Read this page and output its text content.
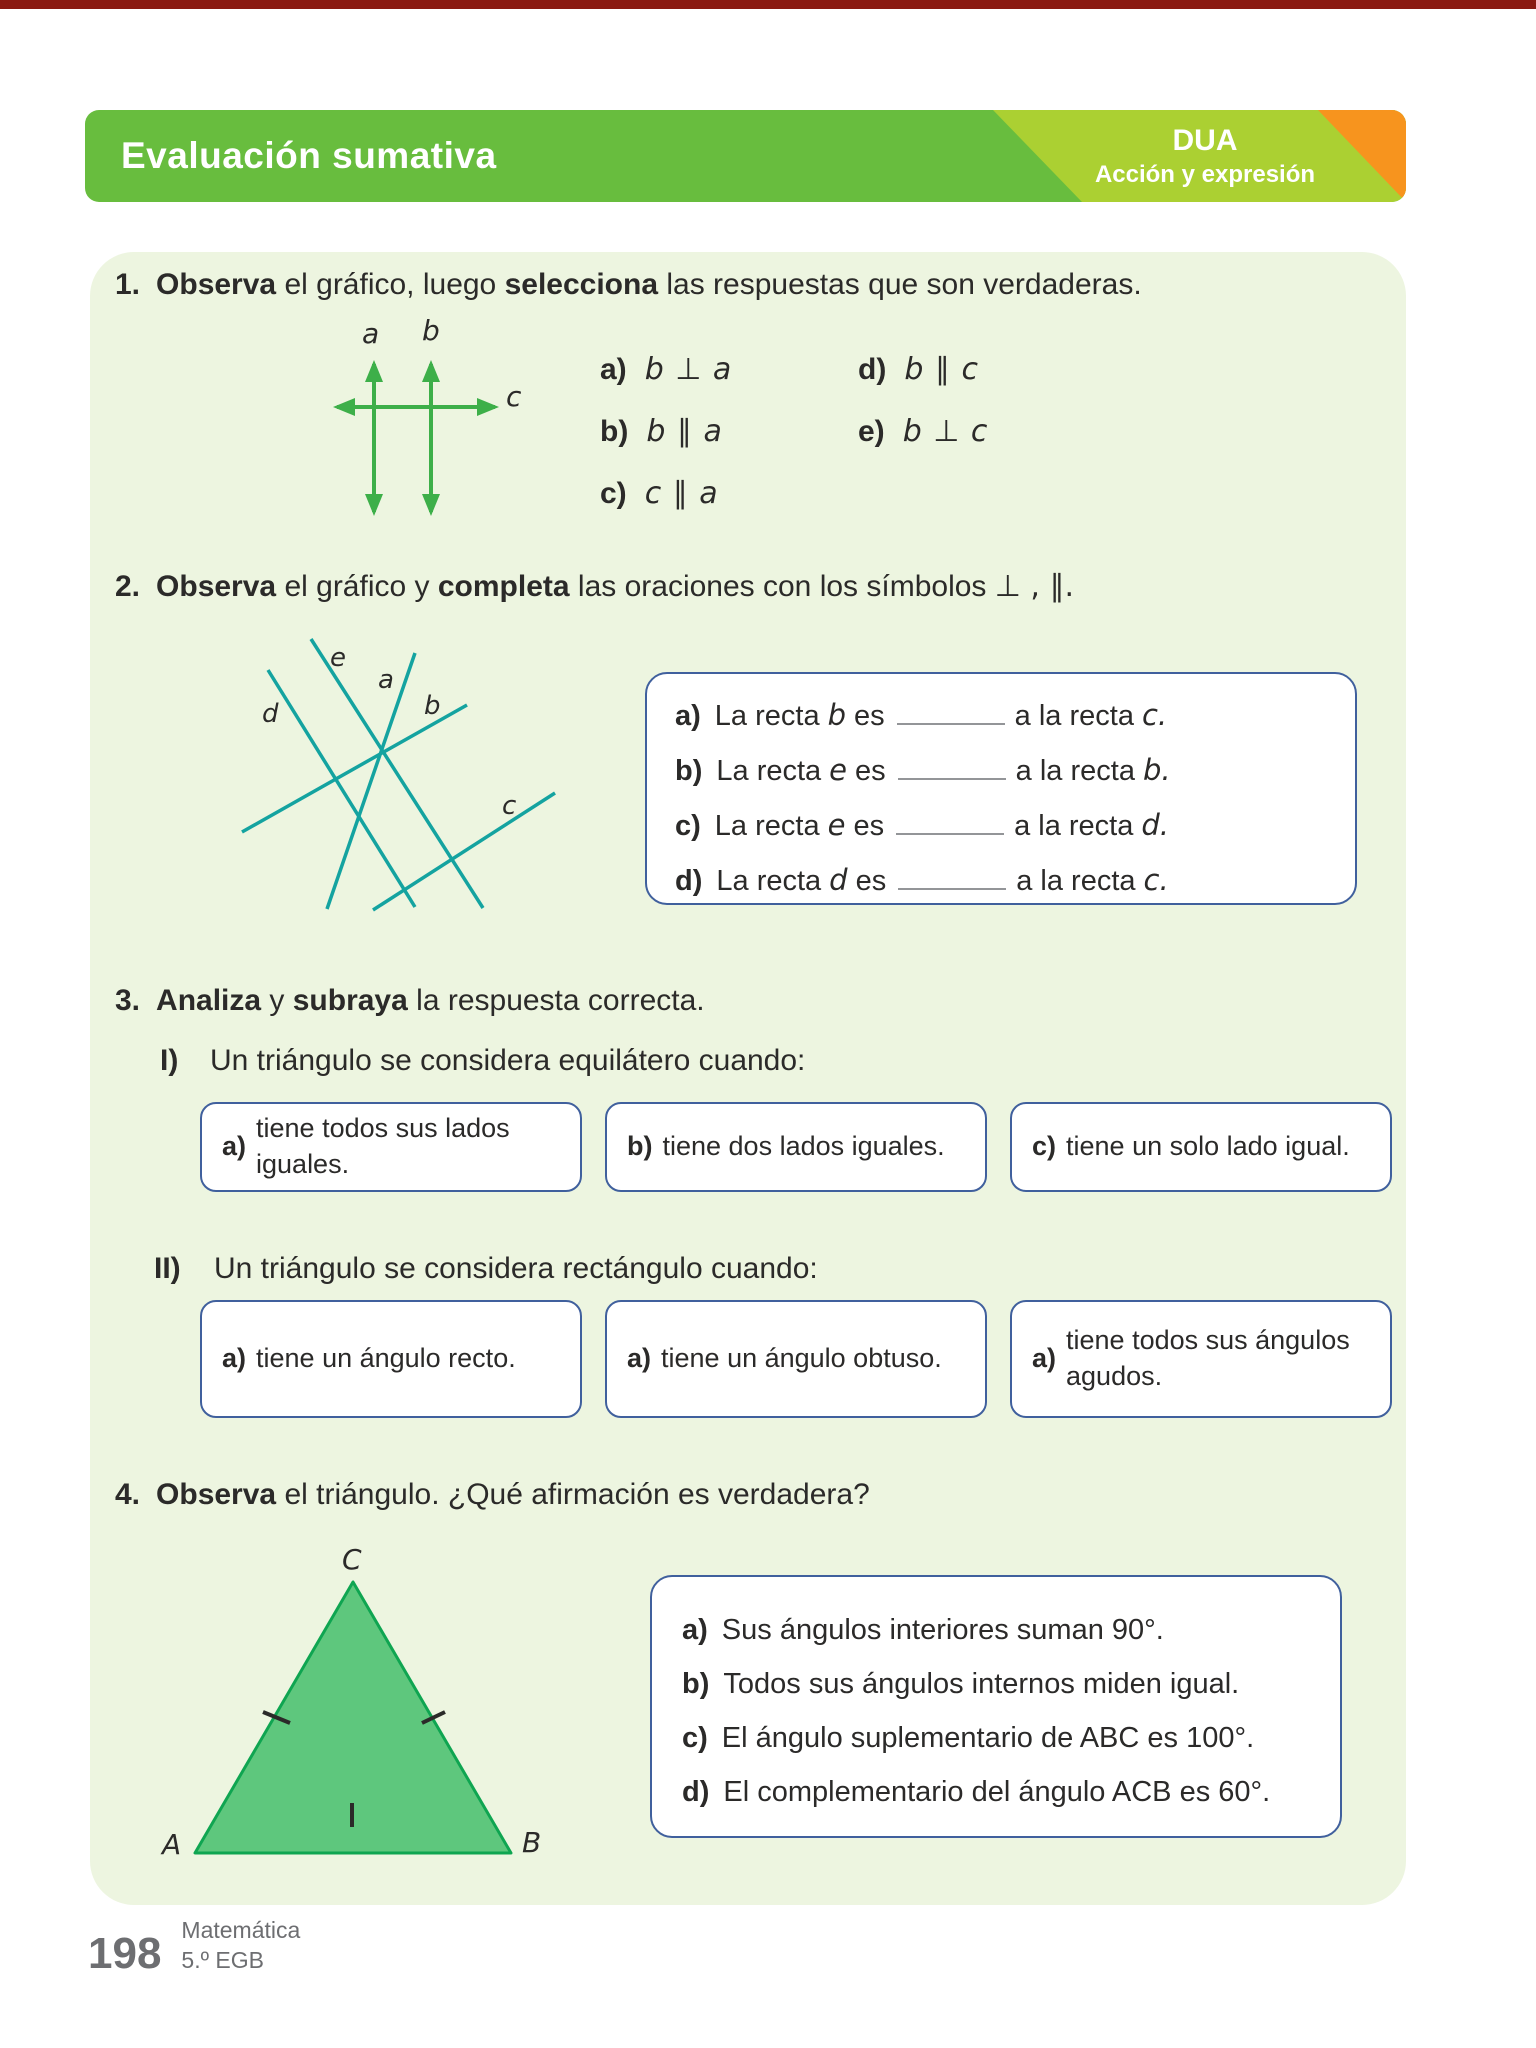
Evaluación sumativa	DUA
Acción y expresión
1. Observa el gráfico, luego selecciona las respuestas que son verdaderas.
a b
c
a) b ⊥ a
b) b ∥ a
c) c ∥ a
d) b ∥ c
e) b ⊥ c
2. Observa el gráfico y completa las oraciones con los símbolos ⊥ , ∥.
e
a
d	b
c
a) La recta b es	a la recta c.
b) La recta e es	a la recta b.
c) La recta e es	a la recta d.
d) La recta d es	a la recta c.
3. Analiza y subraya la respuesta correcta.
I) Un triángulo se considera equilátero cuando:
a)
tiene todos sus lados iguales.
b) tiene dos lados iguales.	c) tiene un solo lado igual.
II) Un triángulo se considera rectángulo cuando:
a) tiene un ángulo recto.	a) tiene un ángulo obtuso.	a)
tiene todos sus ángulos agudos.
4. Observa el triángulo. ¿Qué afirmación es verdadera?
C
A	B
a) Sus ángulos interiores suman 90°.
b) Todos sus ángulos internos miden igual.
c) El ángulo suplementario de ABC es 100°.
d) El complementario del ángulo ACB es 60°.
198 Matemática
5.º EGB
